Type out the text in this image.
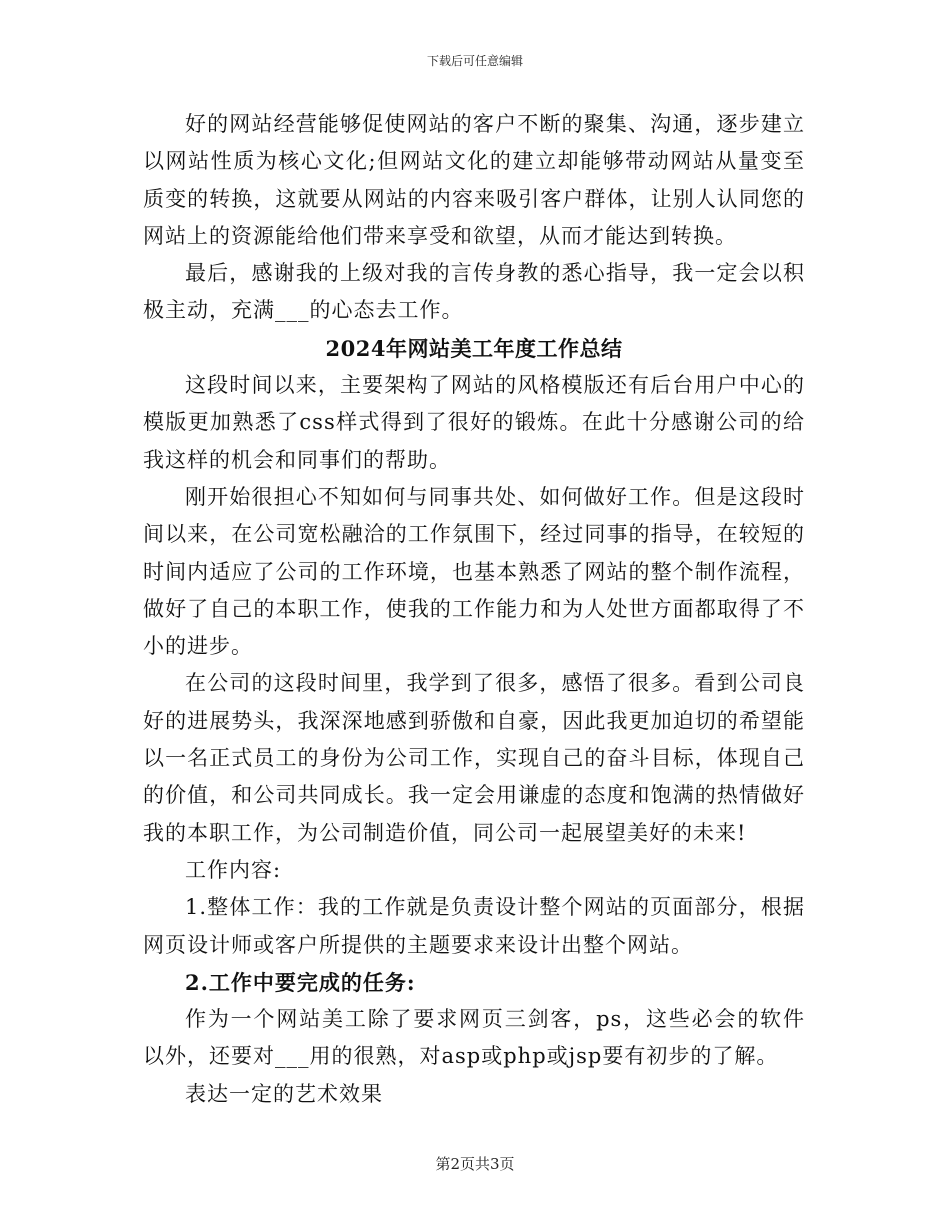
下载后可任意编辑

好的网站经营能够促使网站的客户不断的聚集、沟通，逐步建立以网站性质为核心文化;但网站文化的建立却能够带动网站从量变至质变的转换，这就要从网站的内容来吸引客户群体，让别人认同您的网站上的资源能给他们带来享受和欲望，从而才能达到转换。

最后，感谢我的上级对我的言传身教的悉心指导，我一定会以积极主动，充满___的心态去工作。

2024年网站美工年度工作总结

这段时间以来，主要架构了网站的风格模版还有后台用户中心的模版更加熟悉了css样式得到了很好的锻炼。在此十分感谢公司的给我这样的机会和同事们的帮助。

刚开始很担心不知如何与同事共处、如何做好工作。但是这段时间以来，在公司宽松融洽的工作氛围下，经过同事的指导，在较短的时间内适应了公司的工作环境，也基本熟悉了网站的整个制作流程，做好了自己的本职工作，使我的工作能力和为人处世方面都取得了不小的进步。

在公司的这段时间里，我学到了很多，感悟了很多。看到公司良好的进展势头，我深深地感到骄傲和自豪，因此我更加迫切的希望能以一名正式员工的身份为公司工作，实现自己的奋斗目标，体现自己的价值，和公司共同成长。我一定会用谦虚的态度和饱满的热情做好我的本职工作，为公司制造价值，同公司一起展望美好的未来!

工作内容:

1.整体工作：我的工作就是负责设计整个网站的页面部分，根据网页设计师或客户所提供的主题要求来设计出整个网站。

2.工作中要完成的任务:

作为一个网站美工除了要求网页三剑客，ps，这些必会的软件以外，还要对___用的很熟，对asp或php或jsp要有初步的了解。

表达一定的艺术效果

第2页共3页
